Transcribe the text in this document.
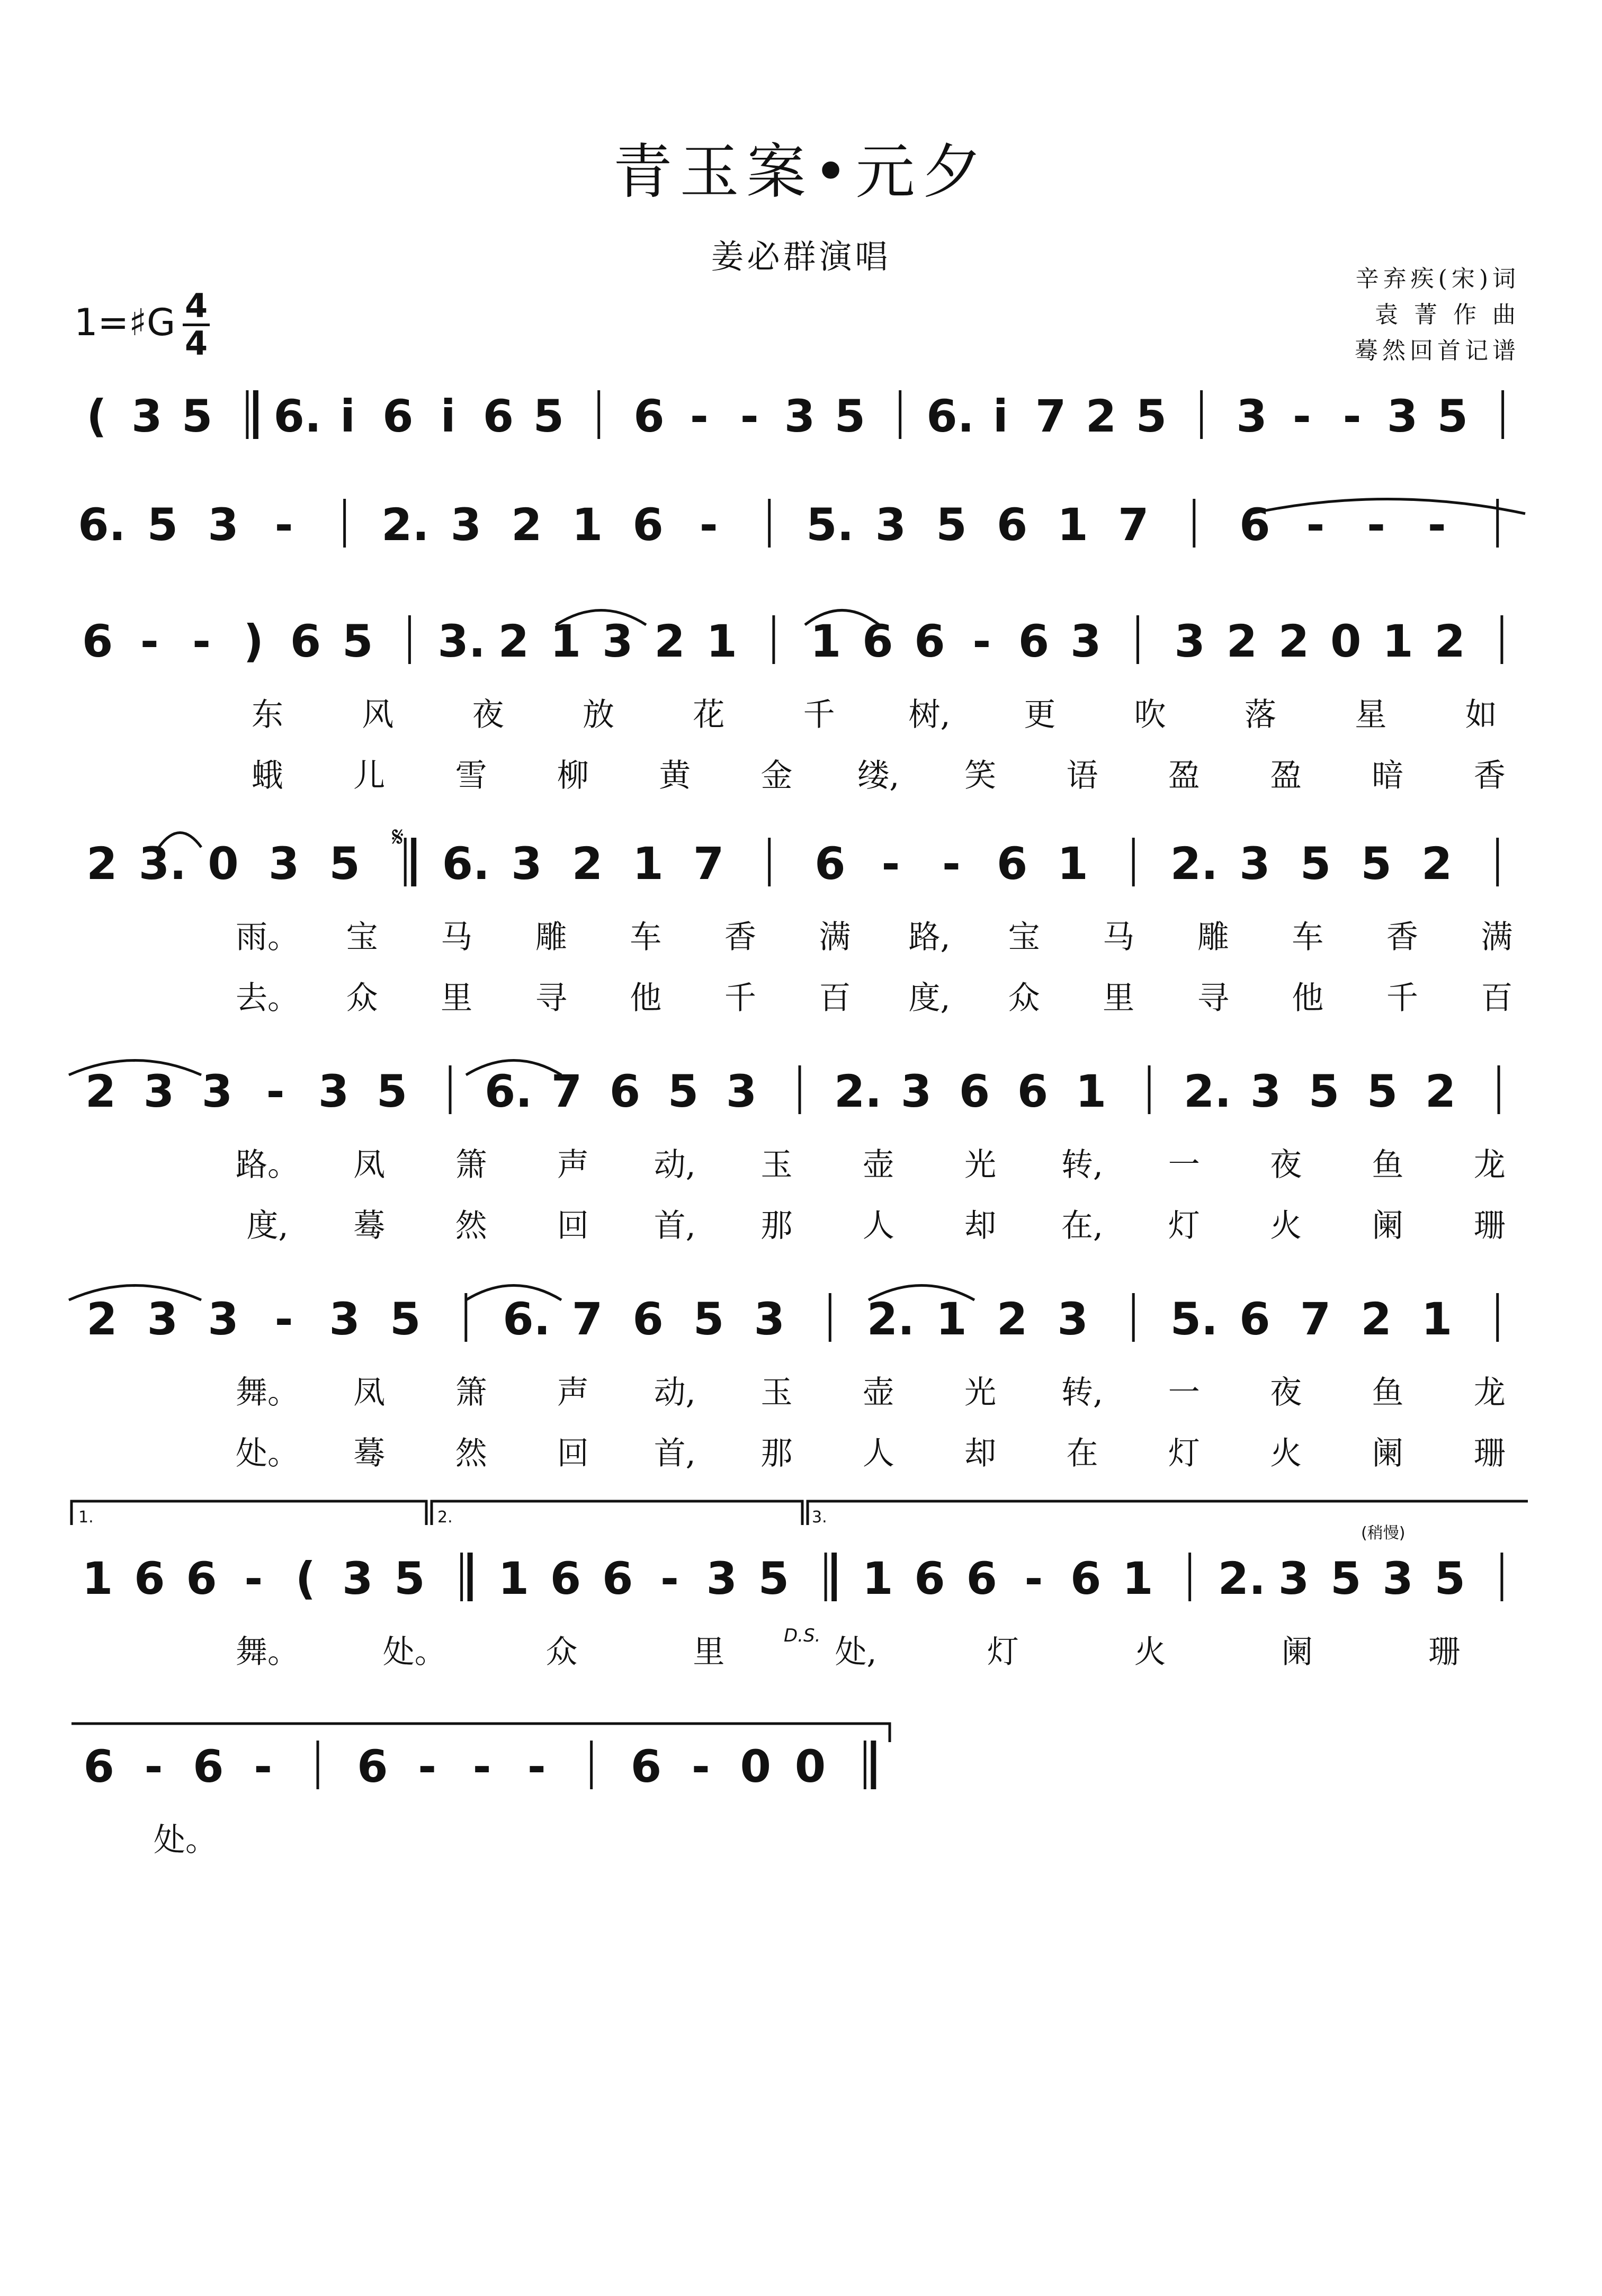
青玉案•元夕
姜必群演唱
辛弃疾(宋)词
袁 菁 作 曲
蓦然回首记谱
1=♯G 4
4
( 3 5 6. i 6 i 6 5 6 - - 3 5 6. i 7 2 5 3 - - 3 5
6. 5 3 - 2. 3 2 1 6 - 5. 3 5 6 1 7 6 - - -
6 - - ) 6 5 3. 2 1 3 2 1 1 6 6 - 6 3 3 2 2 0 1 2
东 风 夜 放 花 千 树, 更 吹 落 星 如
蛾 儿 雪 柳 黄 金 缕, 笑 语 盈 盈 暗 香
2 3. 0 3 5 6. 3 2 1 7 6 - - 6 1 2. 3 5 5 2
雨。 宝 马 雕 车 香 满 路, 宝 马 雕 车 香 满
去。 众 里 寻 他 千 百 度, 众 里 寻 他 千 百
2 3 3 - 3 5 6. 7 6 5 3 2. 3 6 6 1 2. 3 5 5 2
路。 凤 箫 声 动, 玉 壶 光 转, 一 夜 鱼 龙
度, 蓦 然 回 首, 那 人 却 在, 灯 火 阑 珊
2 3 3 - 3 5 6. 7 6 5 3 2. 1 2 3 5. 6 7 2 1
舞。 凤 箫 声 动, 玉 壶 光 转, 一 夜 鱼 龙
处。 蓦 然 回 首, 那 人 却 在 灯 火 阑 珊
1 6 6 - ( 3 5 1 6 6 - 3 5 1 6 6 - 6 1 2. 3 5 3 5
舞。	处。	众	里	处,	灯	火	阑	珊
6 - 6 - 6 - - - 6 - 0 0
处。
𝄋
D.S.
(稍慢)
1.	2.	3.
